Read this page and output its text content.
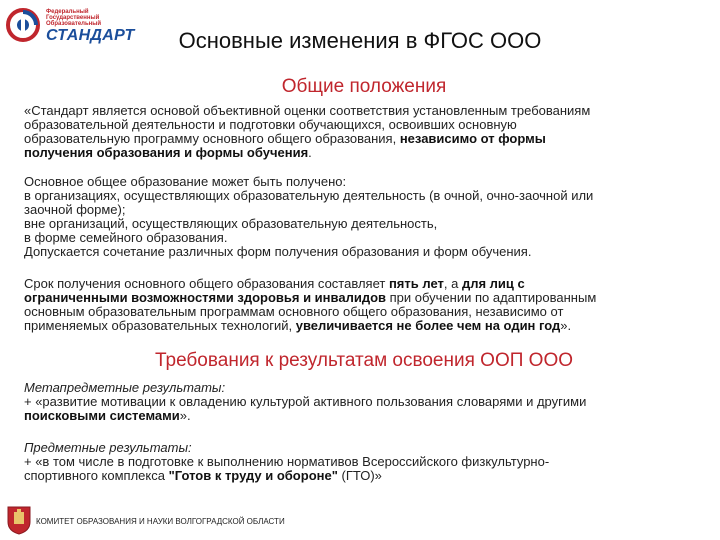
Федеральный
Государственный
Образовательный
СТАНДАРТ	Основные изменения в ФГОС ООО
Общие положения
«Стандарт является основой объективной оценки соответствия установленным требованиям
образовательной деятельности и подготовки обучающихся, освоивших основную
образовательную программу основного общего образования, независимо от формы
получения образования и формы обучения.
Основное общее образование может быть получено:
в организациях, осуществляющих образовательную деятельность (в очной, очно-заочной или
заочной форме);
вне организаций, осуществляющих образовательную деятельность,
в форме семейного образования.
Допускается сочетание различных форм получения образования и форм обучения.
Срок получения основного общего образования составляет пять лет, а для лиц с
ограниченными возможностями здоровья и инвалидов при обучении по адаптированным
основным образовательным программам основного общего образования, независимо от
применяемых образовательных технологий, увеличивается не более чем на один год».
Требования к результатам освоения ООП ООО
Метапредметные результаты:
+ «развитие мотивации к овладению культурой активного пользования словарями и другими
поисковыми системами».
Предметные результаты:
+ «в том числе в подготовке к выполнению нормативов Всероссийского физкультурно-
спортивного комплекса "Готов к труду и обороне" (ГТО)»
КОМИТЕТ ОБРАЗОВАНИЯ И НАУКИ ВОЛГОГРАДСКОЙ ОБЛАСТИ
